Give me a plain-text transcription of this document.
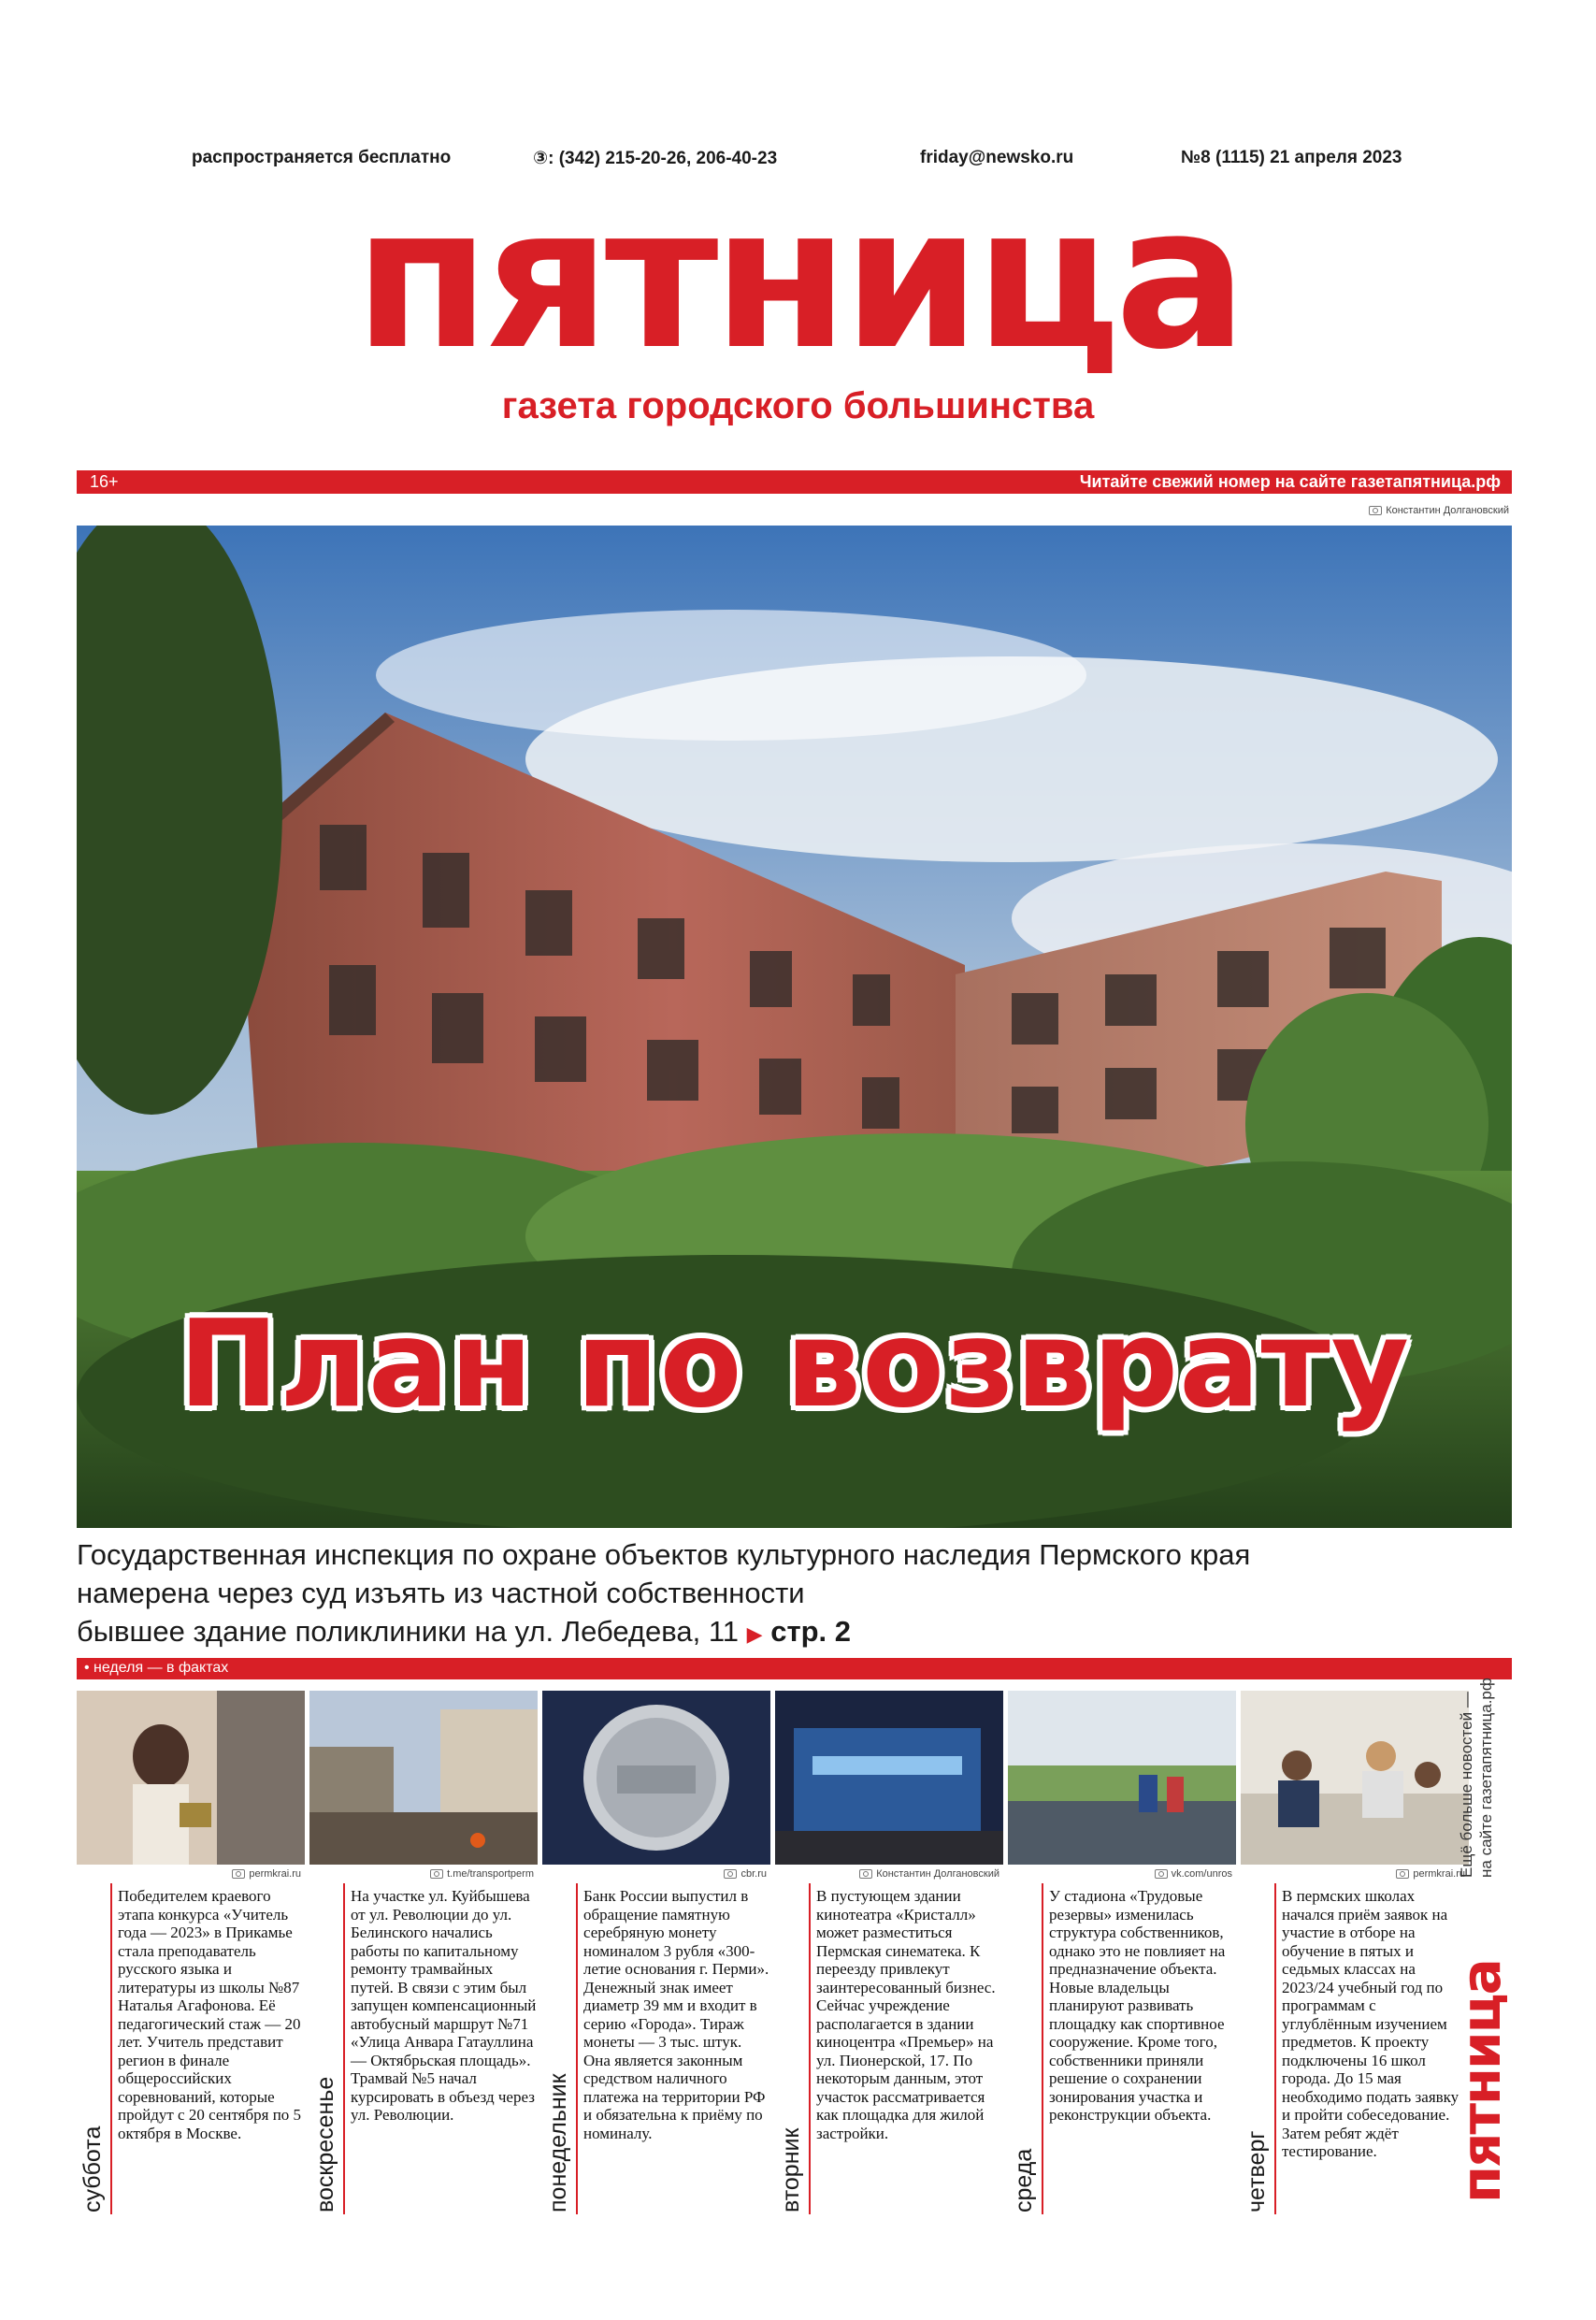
распространяется бесплатно	③: (342) 215-20-26, 206-40-23	friday@newsko.ru	№8 (1115) 21 апреля 2023
пятница
газета городского большинства
16+	Читайте свежий номер на сайте газетапятница.рф
Константин Долгановский
План по возврату
Государственная инспекция по охране объектов культурного наследия Пермского края
намерена через суд изъять из частной собственности
бывшее здание поликлиники на ул. Лебедева, 11 ▶ стр. 2
• неделя — в фактах
permkrai.ru
суббота
Победителем краевого этапа конкурса «Учитель года — 2023» в Прикамье стала преподаватель русского языка и литературы из школы №87 Наталья Агафонова. Её педагогический стаж — 20 лет. Учитель представит регион в финале общероссийских соревнований, которые пройдут с 20 сентября по 5 октября в Москве.
t.me/transportperm
воскресенье
На участке ул. Куйбышева от ул. Революции до ул. Белинского начались работы по капитальному ремонту трамвайных путей. В связи с этим был запущен компенсационный автобусный маршрут №71 «Улица Анвара Гатауллина — Октябрьская площадь». Трамвай №5 начал курсировать в объезд через ул. Революции.
cbr.ru
понедельник
Банк России выпустил в обращение памятную серебряную монету номиналом 3 рубля «300-летие основания г. Перми». Денежный знак имеет диаметр 39 мм и входит в серию «Города». Тираж монеты — 3 тыс. штук. Она является законным средством наличного платежа на территории РФ и обязательна к приёму по номиналу.
Константин Долгановский
вторник
В пустующем здании кинотеатра «Кристалл» может разместиться Пермская синематека. К переезду привлекут заинтересованный бизнес. Сейчас учреждение располагается в здании киноцентра «Премьер» на ул. Пионерской, 17. По некоторым данным, этот участок рассматривается как площадка для жилой застройки.
vk.com/unros
среда
У стадиона «Трудовые резервы» изменилась структура собственников, однако это не повлияет на предназначение объекта. Новые владельцы планируют развивать площадку как спортивное сооружение. Кроме того, собственники приняли решение о сохранении зонирования участка и реконструкции объекта.
permkrai.ru
четверг
В пермских школах начался приём заявок на участие в отборе на обучение в пятых и седьмых классах на 2023/24 учебный год по программам с углублённым изучением предметов. К проекту подключены 16 школ города. До 15 мая необходимо подать заявку и пройти собеседование. Затем ребят ждёт тестирование.
Ещё больше новостей — на сайте газетапятница.рф
пятница
